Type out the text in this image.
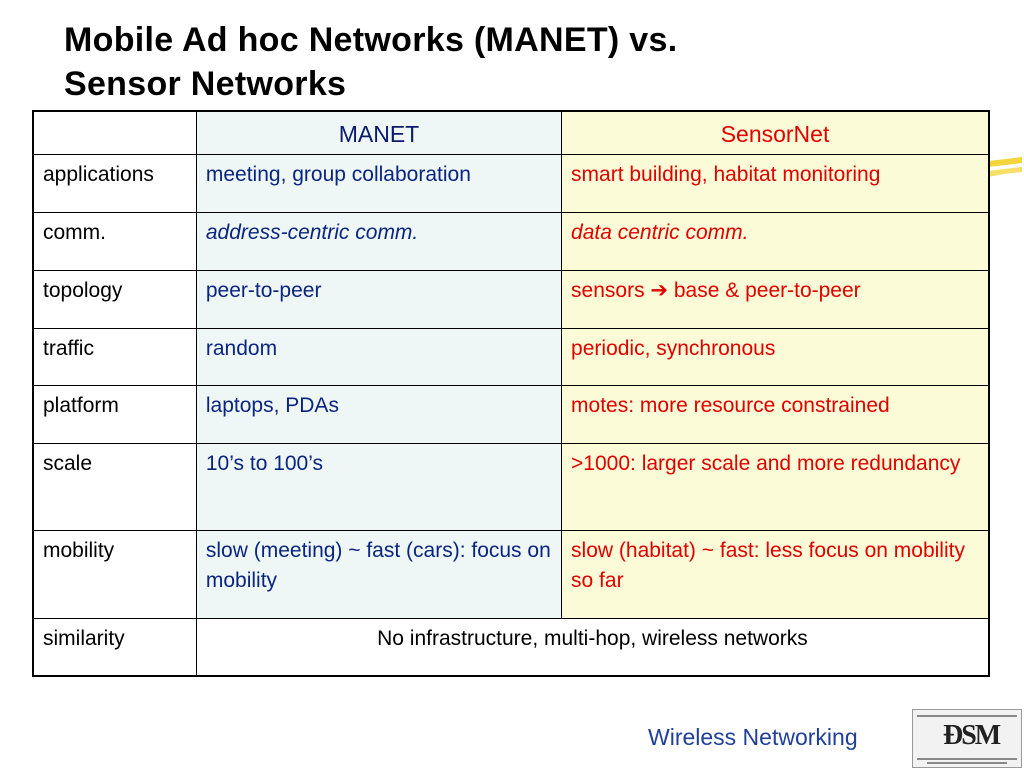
Mobile Ad hoc Networks (MANET) vs.
Sensor Networks
	MANET	SensorNet
applications	meeting, group collaboration	smart building, habitat monitoring
comm.	address-centric comm.	data centric comm.
topology	peer-to-peer	sensors ➔ base & peer-to-peer
traffic	random	periodic, synchronous
platform	laptops, PDAs	motes: more resource constrained
scale	10’s to 100’s	>1000: larger scale and more redundancy
mobility	slow (meeting) ~ fast (cars): focus on mobility	slow (habitat) ~ fast: less focus on mobility so far
similarity	No infrastructure, multi-hop, wireless networks	
Wireless Networking	ÐSM
